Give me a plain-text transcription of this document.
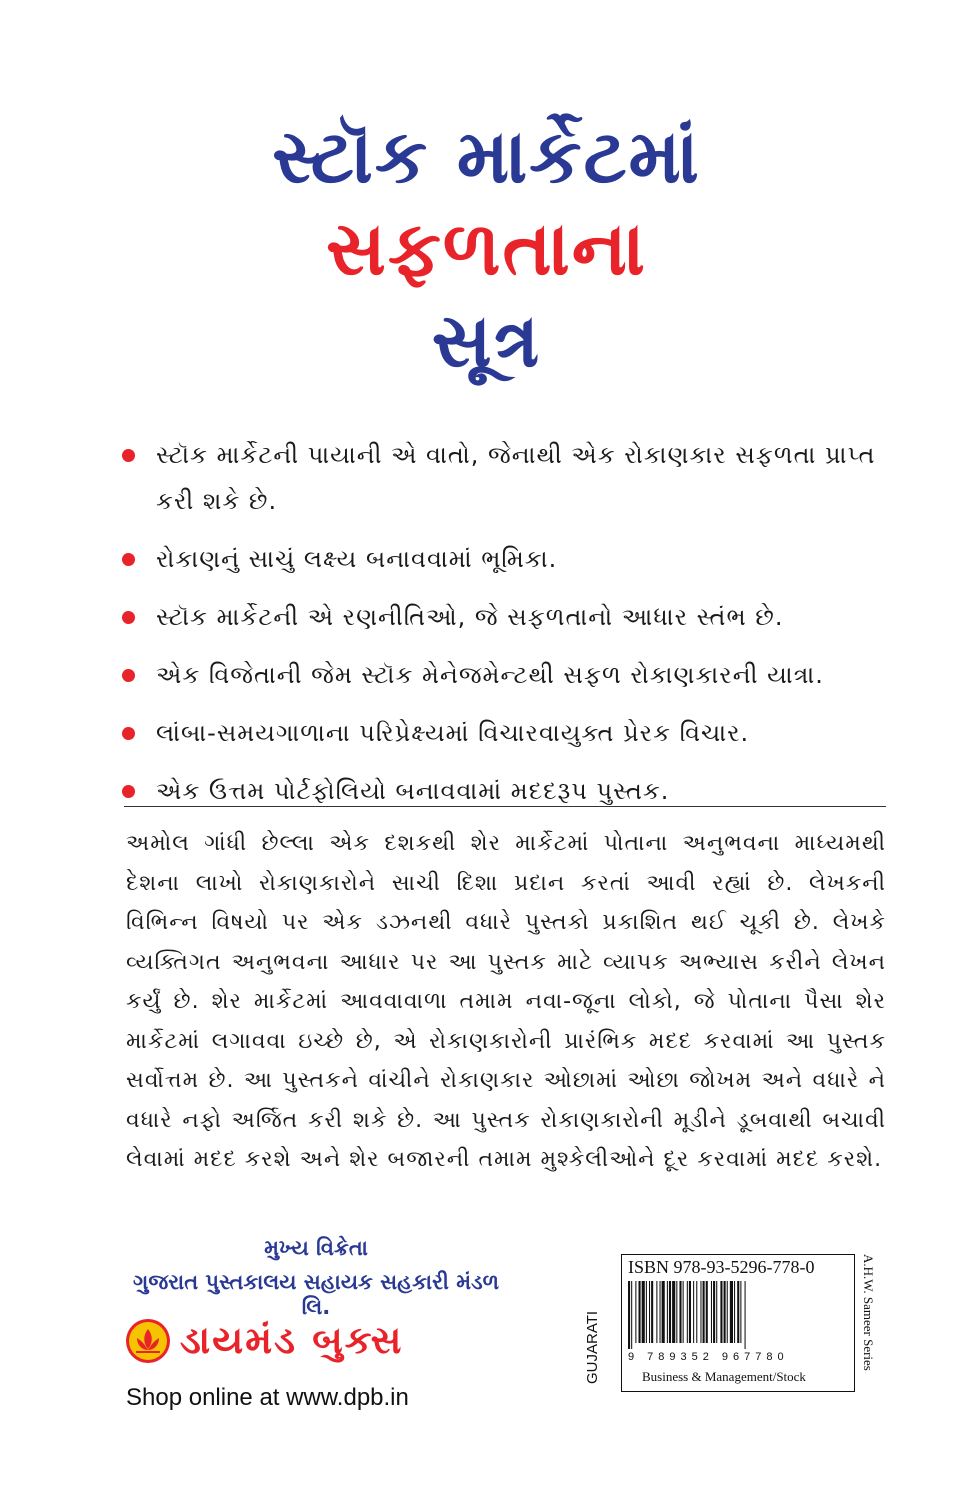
સ્ટૉક માર્કેટમાં
સફળતાના
સૂત્ર
સ્ટૉક માર્કેટની પાયાની એ વાતો, જેનાથી એક રોકાણકાર સફળતા પ્રાપ્ત કરી શકે છે.
રોકાણનું સાચું લક્ષ્ય બનાવવામાં ભૂમિકા.
સ્ટૉક માર્કેટની એ રણનીતિઓ, જે સફળતાનો આધાર સ્તંભ છે.
એક વિજેતાની જેમ સ્ટૉક મેનેજમેન્ટથી સફળ રોકાણકારની યાત્રા.
લાંબા-સમયગાળાના પરિપ્રેક્ષ્યમાં વિચારવાયુક્ત પ્રેરક વિચાર.
એક ઉત્તમ પોર્ટફોલિયો બનાવવામાં મદદરૂપ પુસ્તક.

અમોલ ગાંધી છેલ્લા એક દશકથી શેર માર્કેટમાં પોતાના અનુભવના માધ્યમથી દેશના લાખો રોકાણકારોને સાચી દિશા પ્રદાન કરતાં આવી રહ્યાં છે. લેખકની વિભિન્ન વિષયો પર એક ડઝનથી વધારે પુસ્તકો પ્રકાશિત થઈ ચૂકી છે. લેખકે વ્યક્તિગત અનુભવના આધાર પર આ પુસ્તક માટે વ્યાપક અભ્યાસ કરીને લેખન કર્યું છે. શેર માર્કેટમાં આવવાવાળા તમામ નવા-જૂના લોકો, જે પોતાના પૈસા શેર માર્કેટમાં લગાવવા ઇચ્છે છે, એ રોકાણકારોની પ્રારંભિક મદદ કરવામાં આ પુસ્તક સર્વોત્તમ છે. આ પુસ્તકને વાંચીને રોકાણકાર ઓછામાં ઓછા જોખમ અને વધારે ને વધારે નફો અર્જિત કરી શકે છે. આ પુસ્તક રોકાણકારોની મૂડીને ડૂબવાથી બચાવી લેવામાં મદદ કરશે અને શેર બજારની તમામ મુશ્કેલીઓને દૂર કરવામાં મદદ કરશે.

મુખ્ય વિક્રેતા
ગુજરાત પુસ્તકાલય સહાયક સહકારી મંડળ લિ.
ડાયમંડ બુક્સ
Shop online at www.dpb.in
GUJARATI
ISBN 978-93-5296-778-0
9 789352 967780
Business & Management/Stock
A.H.W. Sameer Series
